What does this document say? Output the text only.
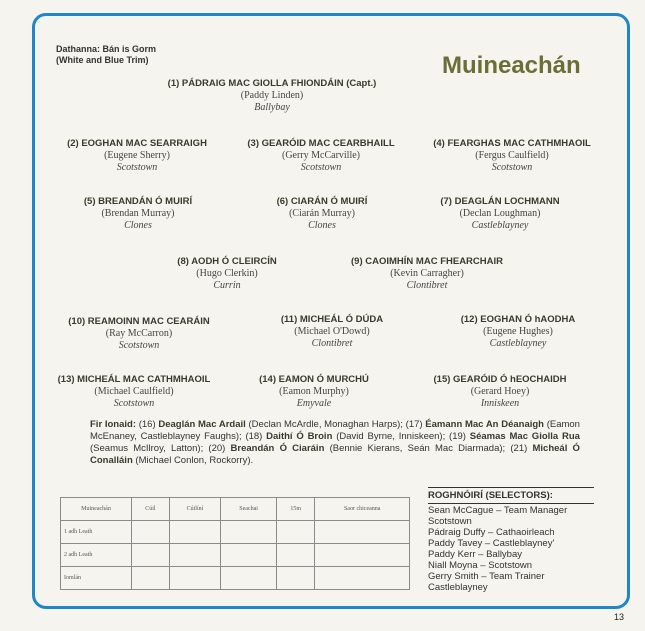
Dathanna: Bán is Gorm
(White and Blue Trim)	Muineachán
(1) PÁDRAIG MAC GIOLLA FHIONDÁIN (Capt.)
(Paddy Linden)
Ballybay
(2) EOGHAN MAC SEARRAIGH
(Eugene Sherry)
Scotstown
(3) GEARÓID MAC CEARBHAILL
(Gerry McCarville)
Scotstown
(4) FEARGHAS MAC CATHMHAOIL
(Fergus Caulfield)
Scotstown
(5) BREANDÁN Ó MUIRÍ
(Brendan Murray)
Clones
(6) CIARÁN Ó MUIRÍ
(Ciarán Murray)
Clones
(7) DEAGLÁN LOCHMANN
(Declan Loughman)
Castleblayney
(8) AODH Ó CLEIRCÍN
(Hugo Clerkin)
Currin
(9) CAOIMHÍN MAC FHEARCHAIR
(Kevin Carragher)
Clontibret
(10) REAMOINN MAC CEARÁIN
(Ray McCarron)
Scotstown
(11) MICHEÁL Ó DÚDA
(Michael O'Dowd)
Clontibret
(12) EOGHAN Ó hAODHA
(Eugene Hughes)
Castleblayney
(13) MICHEÁL MAC CATHMHAOIL
(Michael Caulfield)
Scotstown
(14) EAMON Ó MURCHÚ
(Eamon Murphy)
Emyvale
(15) GEARÓID Ó hEOCHAIDH
(Gerard Hoey)
Inniskeen
Fir Ionaid: (16) Deaglán Mac Ardail (Declan McArdle, Monaghan Harps); (17) Éamann Mac An Déanaigh (Eamon McEnaney, Castleblayney Faughs); (18) Daithí Ó Broin (David Byrne, Inniskeen); (19) Séamas Mac Giolla Rua (Seamus McIlroy, Latton); (20) Breandán Ó Ciaráin (Bennie Kierans, Seán Mac Diarmada); (21) Micheál Ó Conalláin (Michael Conlon, Rockorry).
Muineachán	Cúil	Cúilíní	Seachai	15m	Saor chiceanna
1 adh Leath					
2 adh Leath					
Iomlán					
ROGHNÓIRÍ (SELECTORS):
Sean McCague – Team Manager
Scotstown
Pádraig Duffy – Cathaoirleach
Paddy Tavey – Castleblayney'
Paddy Kerr – Ballybay
Niall Moyna – Scotstown
Gerry Smith – Team Trainer
Castleblayney
13
